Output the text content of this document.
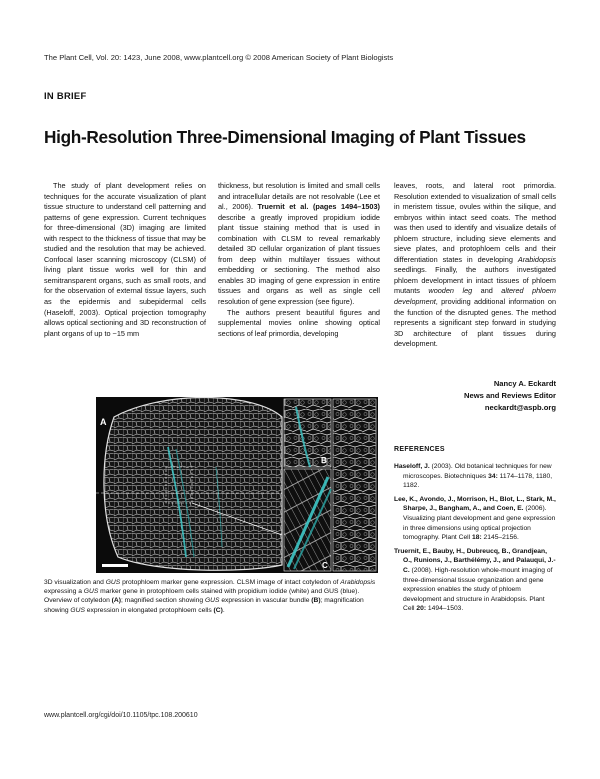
The Plant Cell, Vol. 20: 1423, June 2008, www.plantcell.org © 2008 American Society of Plant Biologists
IN BRIEF
High-Resolution Three-Dimensional Imaging of Plant Tissues

The study of plant development relies on techniques for the accurate visualization of plant tissue structure to understand cell patterning and patterns of gene expression. Current techniques for three-dimensional (3D) imaging are limited with respect to the thickness of tissue that may be studied and the resolution that may be achieved. Confocal laser scanning microscopy (CLSM) of living plant tissue works well for thin and semitransparent organs, such as small roots, and for the observation of external tissue layers, such as the epidermis and subepidermal cells (Haseloff, 2003). Optical projection tomography allows optical sectioning and 3D reconstruction of plant organs of up to ~15 mm

thickness, but resolution is limited and small cells and intracellular details are not resolvable (Lee et al., 2006). Truernit et al. (pages 1494–1503) describe a greatly improved propidium iodide plant tissue staining method that is used in combination with CLSM to reveal remarkably detailed 3D cellular organization of plant tissues from deep within multilayer tissues without embedding or sectioning. The method also enables 3D imaging of gene expression in entire tissues and organs as well as single cell resolution of gene expression (see figure).

The authors present beautiful figures and supplemental movies online showing optical sections of leaf primordia, developing

leaves, roots, and lateral root primordia. Resolution extended to visualization of small cells in meristem tissue, ovules within the silique, and embryos within intact seed coats. The method was then used to identify and visualize details of phloem structure, including sieve elements and sieve plates, and protophloem cells and their differentiation states in developing Arabidopsis seedlings. Finally, the authors investigated phloem development in intact tissues of phloem mutants wooden leg and altered phloem development, providing additional information on the function of the disrupted genes. The method represents a significant step forward in studying 3D architecture of plant tissues during development.

Nancy A. Eckardt
News and Reviews Editor
neckardt@aspb.org
REFERENCES

Haseloff, J. (2003). Old botanical techniques for new microscopes. Biotechniques 34: 1174–1178, 1180, 1182.

Lee, K., Avondo, J., Morrison, H., Blot, L., Stark, M., Sharpe, J., Bangham, A., and Coen, E. (2006). Visualizing plant development and gene expression in three dimensions using optical projection tomography. Plant Cell 18: 2145–2156.

Truernit, E., Bauby, H., Dubreucq, B., Grandjean, O., Runions, J., Barthélémy, J., and Palauqui, J.-C. (2008). High-resolution whole-mount imaging of three-dimensional tissue organization and gene expression enables the study of phloem development and structure in Arabidopsis. Plant Cell 20: 1494–1503.

A
B
C
3D visualization and GUS protophloem marker gene expression. CLSM image of intact cotyledon of Arabidopsis expressing a GUS marker gene in protophloem cells stained with propidium iodide (white) and GUS (blue). Overview of cotyledon (A); magnified section showing GUS expression in vascular bundle (B); magnification showing GUS expression in elongated protophloem cells (C).
www.plantcell.org/cgi/doi/10.1105/tpc.108.200610
